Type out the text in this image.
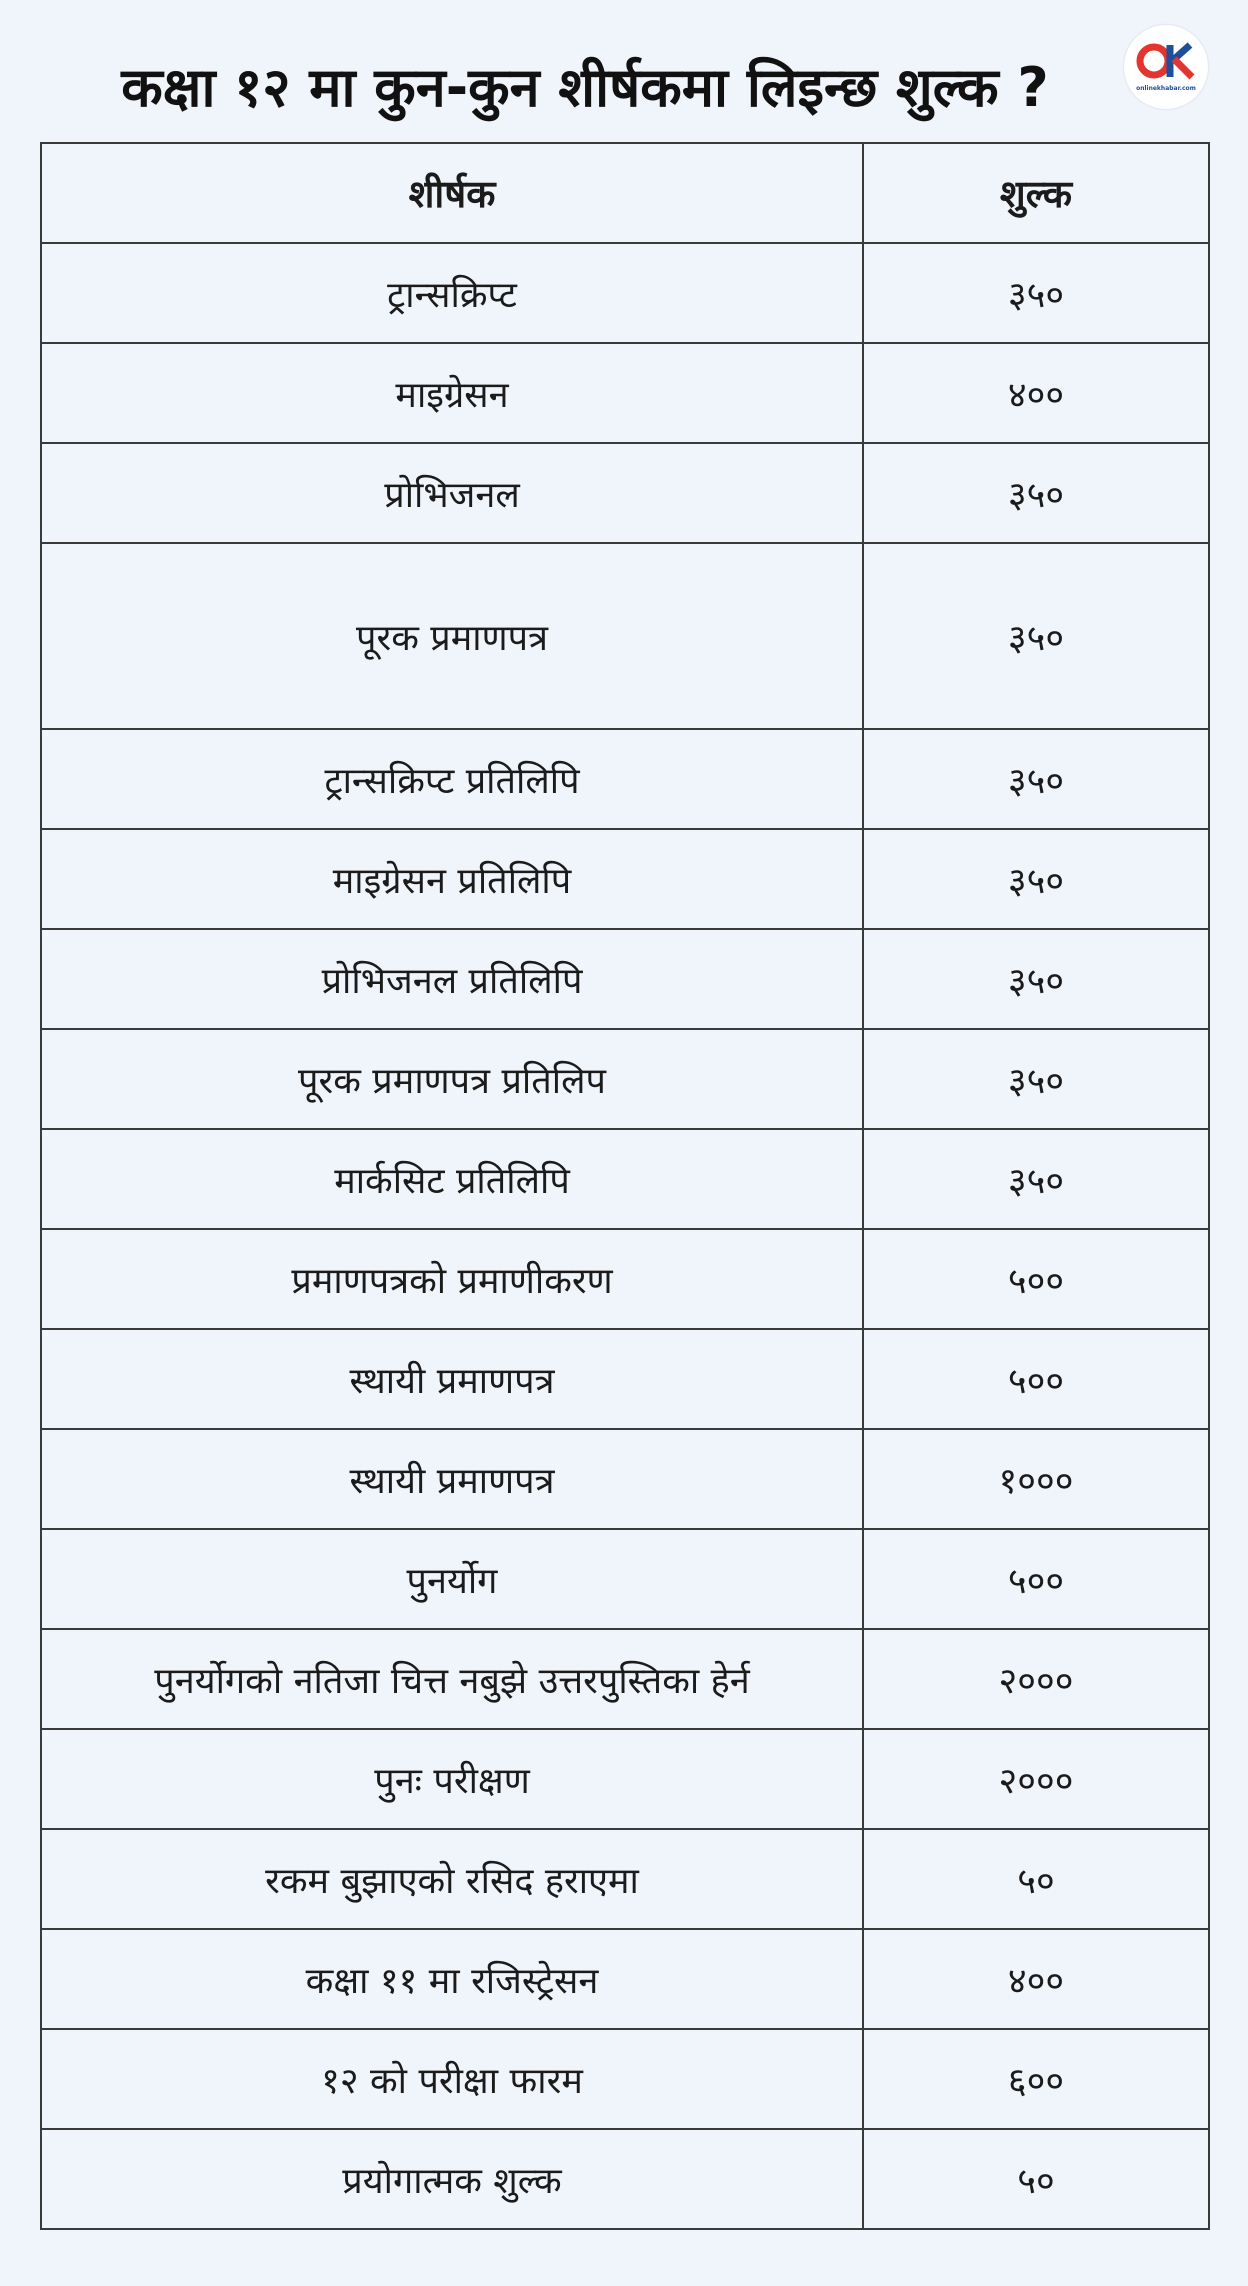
कक्षा १२ मा कुन-कुन शीर्षकमा लिइन्छ शुल्क ?	onlinekhabar.com
शीर्षक	शुल्क
ट्रान्सक्रिप्ट	३५०
माइग्रेसन	४००
प्रोभिजनल	३५०
पूरक प्रमाणपत्र	३५०
ट्रान्सक्रिप्ट प्रतिलिपि	३५०
माइग्रेसन प्रतिलिपि	३५०
प्रोभिजनल प्रतिलिपि	३५०
पूरक प्रमाणपत्र प्रतिलिप	३५०
मार्कसिट प्रतिलिपि	३५०
प्रमाणपत्रको प्रमाणीकरण	५००
स्थायी प्रमाणपत्र	५००
स्थायी प्रमाणपत्र	१०००
पुनर्योग	५००
पुनर्योगको नतिजा चित्त नबुझे उत्तरपुस्तिका हेर्न	२०००
पुनः परीक्षण	२०००
रकम बुझाएको रसिद हराएमा	५०
कक्षा ११ मा रजिस्ट्रेसन	४००
१२ को परीक्षा फारम	६००
प्रयोगात्मक शुल्क	५०
